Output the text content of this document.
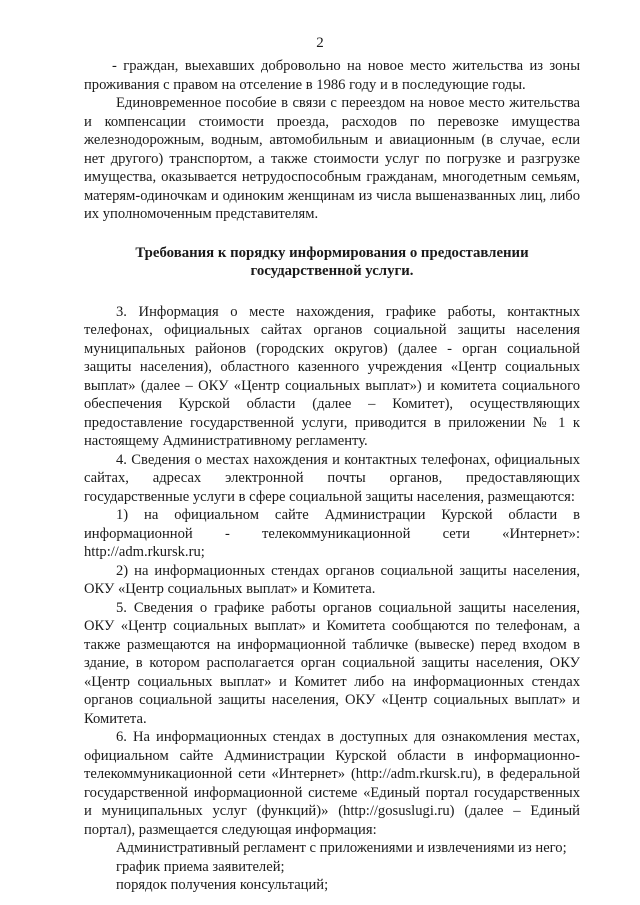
2

- граждан, выехавших добровольно на новое место жительства из зоны проживания с правом на отселение в 1986 году и в последующие годы.

Единовременное пособие в связи с переездом на новое место жительства и компенсации стоимости проезда, расходов по перевозке имущества железнодорожным, водным, автомобильным и авиационным (в случае, если нет другого) транспортом, а также стоимости услуг по погрузке и разгрузке имущества, оказывается нетрудоспособным гражданам, многодетным семьям, матерям-одиночкам и одиноким женщинам из числа вышеназванных лиц, либо их уполномоченным представителям.

Требования к порядку информирования о предоставлении
государственной услуги.

3. Информация о месте нахождения, графике работы, контактных телефонах, официальных сайтах органов социальной защиты населения муниципальных районов (городских округов) (далее - орган социальной защиты населения), областного казенного учреждения «Центр социальных выплат» (далее – ОКУ «Центр социальных выплат») и комитета социального обеспечения Курской области (далее – Комитет), осуществляющих предоставление государственной услуги, приводится в приложении № 1 к настоящему Административному регламенту.

4. Сведения о местах нахождения и контактных телефонах, официальных сайтах, адресах электронной почты органов, предоставляющих государственные услуги в сфере социальной защиты населения, размещаются:

1) на официальном сайте Администрации Курской области в информационной - телекоммуникационной сети «Интернет»: http://adm.rkursk.ru;

2) на информационных стендах органов социальной защиты населения, ОКУ «Центр социальных выплат» и Комитета.

5. Сведения о графике работы органов социальной защиты населения, ОКУ «Центр социальных выплат» и Комитета сообщаются по телефонам, а также размещаются на информационной табличке (вывеске) перед входом в здание, в котором располагается орган социальной защиты населения, ОКУ «Центр социальных выплат» и Комитет либо на информационных стендах органов социальной защиты населения, ОКУ «Центр социальных выплат» и Комитета.

6. На информационных стендах в доступных для ознакомления местах, официальном сайте Администрации Курской области в информационно-телекоммуникационной сети «Интернет» (http://adm.rkursk.ru), в федеральной государственной информационной системе «Единый портал государственных и муниципальных услуг (функций)» (http://gosuslugi.ru) (далее – Единый портал), размещается следующая информация:

Административный регламент с приложениями и извлечениями из него;

график приема заявителей;

порядок получения консультаций;
